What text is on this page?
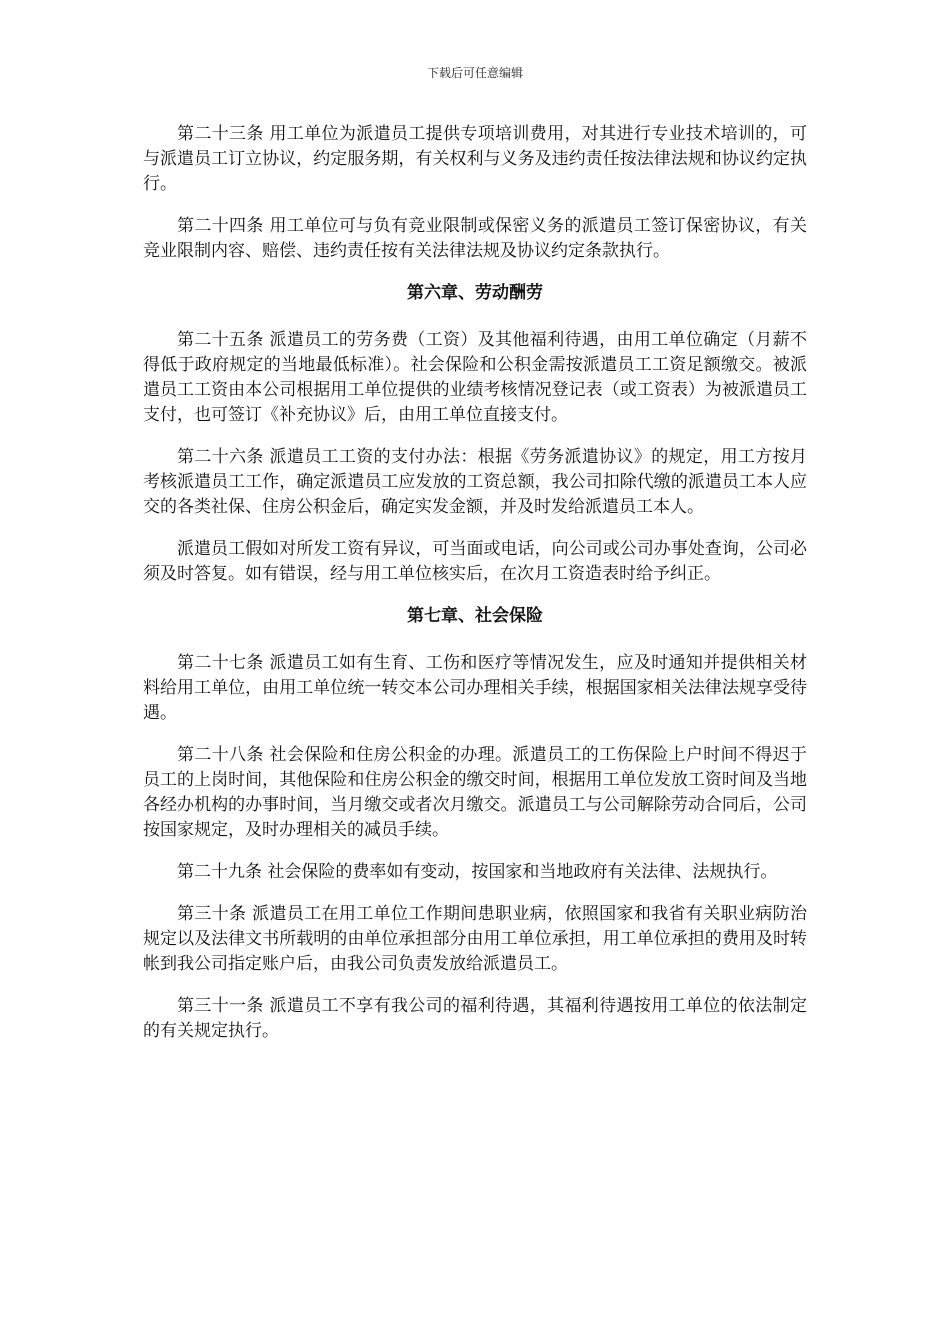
下载后可任意编辑

第二十三条 用工单位为派遣员工提供专项培训费用，对其进行专业技术培训的，可与派遣员工订立协议，约定服务期，有关权利与义务及违约责任按法律法规和协议约定执行。

第二十四条 用工单位可与负有竞业限制或保密义务的派遣员工签订保密协议，有关竞业限制内容、赔偿、违约责任按有关法律法规及协议约定条款执行。

第六章、劳动酬劳

第二十五条 派遣员工的劳务费（工资）及其他福利待遇，由用工单位确定（月薪不得低于政府规定的当地最低标准）。社会保险和公积金需按派遣员工工资足额缴交。被派遣员工工资由本公司根据用工单位提供的业绩考核情况登记表（或工资表）为被派遣员工支付，也可签订《补充协议》后，由用工单位直接支付。

第二十六条 派遣员工工资的支付办法：根据《劳务派遣协议》的规定，用工方按月考核派遣员工工作，确定派遣员工应发放的工资总额，我公司扣除代缴的派遣员工本人应交的各类社保、住房公积金后，确定实发金额，并及时发给派遣员工本人。

派遣员工假如对所发工资有异议，可当面或电话，向公司或公司办事处查询，公司必须及时答复。如有错误，经与用工单位核实后，在次月工资造表时给予纠正。

第七章、社会保险

第二十七条 派遣员工如有生育、工伤和医疗等情况发生，应及时通知并提供相关材料给用工单位，由用工单位统一转交本公司办理相关手续，根据国家相关法律法规享受待遇。

第二十八条 社会保险和住房公积金的办理。派遣员工的工伤保险上户时间不得迟于员工的上岗时间，其他保险和住房公积金的缴交时间，根据用工单位发放工资时间及当地各经办机构的办事时间，当月缴交或者次月缴交。派遣员工与公司解除劳动合同后，公司按国家规定，及时办理相关的减员手续。

第二十九条 社会保险的费率如有变动，按国家和当地政府有关法律、法规执行。

第三十条 派遣员工在用工单位工作期间患职业病，依照国家和我省有关职业病防治规定以及法律文书所载明的由单位承担部分由用工单位承担，用工单位承担的费用及时转帐到我公司指定账户后，由我公司负责发放给派遣员工。

第三十一条 派遣员工不享有我公司的福利待遇，其福利待遇按用工单位的依法制定的有关规定执行。
